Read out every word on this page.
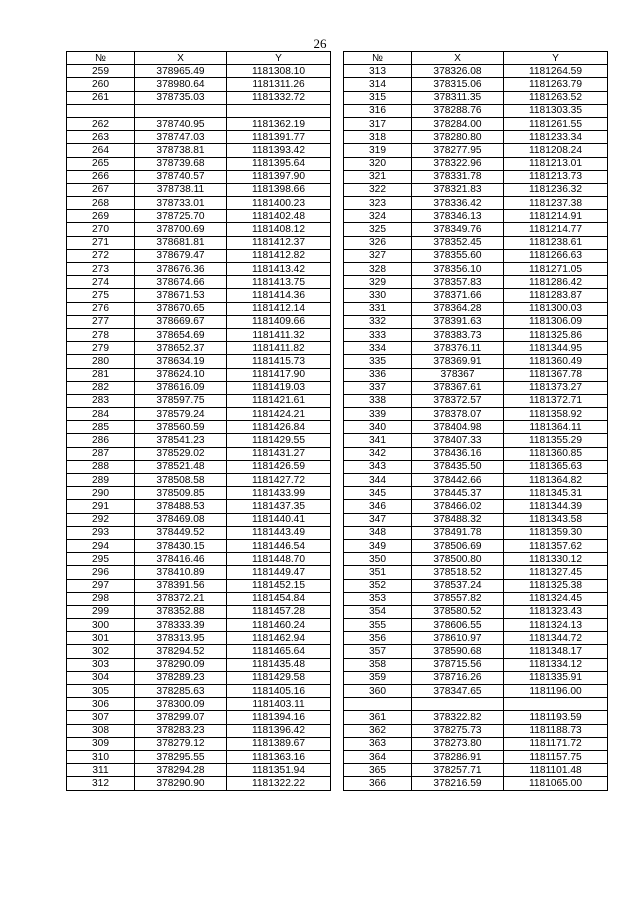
26
№	X	Y
259	378965.49	1181308.10
260	378980.64	1181311.26
261	378735.03	1181332.72

262	378740.95	1181362.19
263	378747.03	1181391.77
264	378738.81	1181393.42
265	378739.68	1181395.64
266	378740.57	1181397.90
267	378738.11	1181398.66
268	378733.01	1181400.23
269	378725.70	1181402.48
270	378700.69	1181408.12
271	378681.81	1181412.37
272	378679.47	1181412.82
273	378676.36	1181413.42
274	378674.66	1181413.75
275	378671.53	1181414.36
276	378670.65	1181412.14
277	378669.67	1181409.66
278	378654.69	1181411.32
279	378652.37	1181411.82
280	378634.19	1181415.73
281	378624.10	1181417.90
282	378616.09	1181419.03
283	378597.75	1181421.61
284	378579.24	1181424.21
285	378560.59	1181426.84
286	378541.23	1181429.55
287	378529.02	1181431.27
288	378521.48	1181426.59
289	378508.58	1181427.72
290	378509.85	1181433.99
291	378488.53	1181437.35
292	378469.08	1181440.41
293	378449.52	1181443.49
294	378430.15	1181446.54
295	378416.46	1181448.70
296	378410.89	1181449.47
297	378391.56	1181452.15
298	378372.21	1181454.84
299	378352.88	1181457.28
300	378333.39	1181460.24
301	378313.95	1181462.94
302	378294.52	1181465.64
303	378290.09	1181435.48
304	378289.23	1181429.58
305	378285.63	1181405.16
306	378300.09	1181403.11
307	378299.07	1181394.16
308	378283.23	1181396.42
309	378279.12	1181389.67
310	378295.55	1181363.16
311	378294.28	1181351.94
312	378290.90	1181322.22
№	X	Y
313	378326.08	1181264.59
314	378315.06	1181263.79
315	378311.35	1181263.52
316	378288.76	1181303.35
317	378284.00	1181261.55
318	378280.80	1181233.34
319	378277.95	1181208.24
320	378322.96	1181213.01
321	378331.78	1181213.73
322	378321.83	1181236.32
323	378336.42	1181237.38
324	378346.13	1181214.91
325	378349.76	1181214.77
326	378352.45	1181238.61
327	378355.60	1181266.63
328	378356.10	1181271.05
329	378357.83	1181286.42
330	378371.66	1181283.87
331	378364.28	1181300.03
332	378391.63	1181306.09
333	378383.73	1181325.86
334	378376.11	1181344.95
335	378369.91	1181360.49
336	378367	1181367.78
337	378367.61	1181373.27
338	378372.57	1181372.71
339	378378.07	1181358.92
340	378404.98	1181364.11
341	378407.33	1181355.29
342	378436.16	1181360.85
343	378435.50	1181365.63
344	378442.66	1181364.82
345	378445.37	1181345.31
346	378466.02	1181344.39
347	378488.32	1181343.58
348	378491.78	1181359.30
349	378506.69	1181357.62
350	378500.80	1181330.12
351	378518.52	1181327.45
352	378537.24	1181325.38
353	378557.82	1181324.45
354	378580.52	1181323.43
355	378606.55	1181324.13
356	378610.97	1181344.72
357	378590.68	1181348.17
358	378715.56	1181334.12
359	378716.26	1181335.91
360	378347.65	1181196.00

361	378322.82	1181193.59
362	378275.73	1181188.73
363	378273.80	1181171.72
364	378286.91	1181157.75
365	378257.71	1181101.48
366	378216.59	1181065.00
